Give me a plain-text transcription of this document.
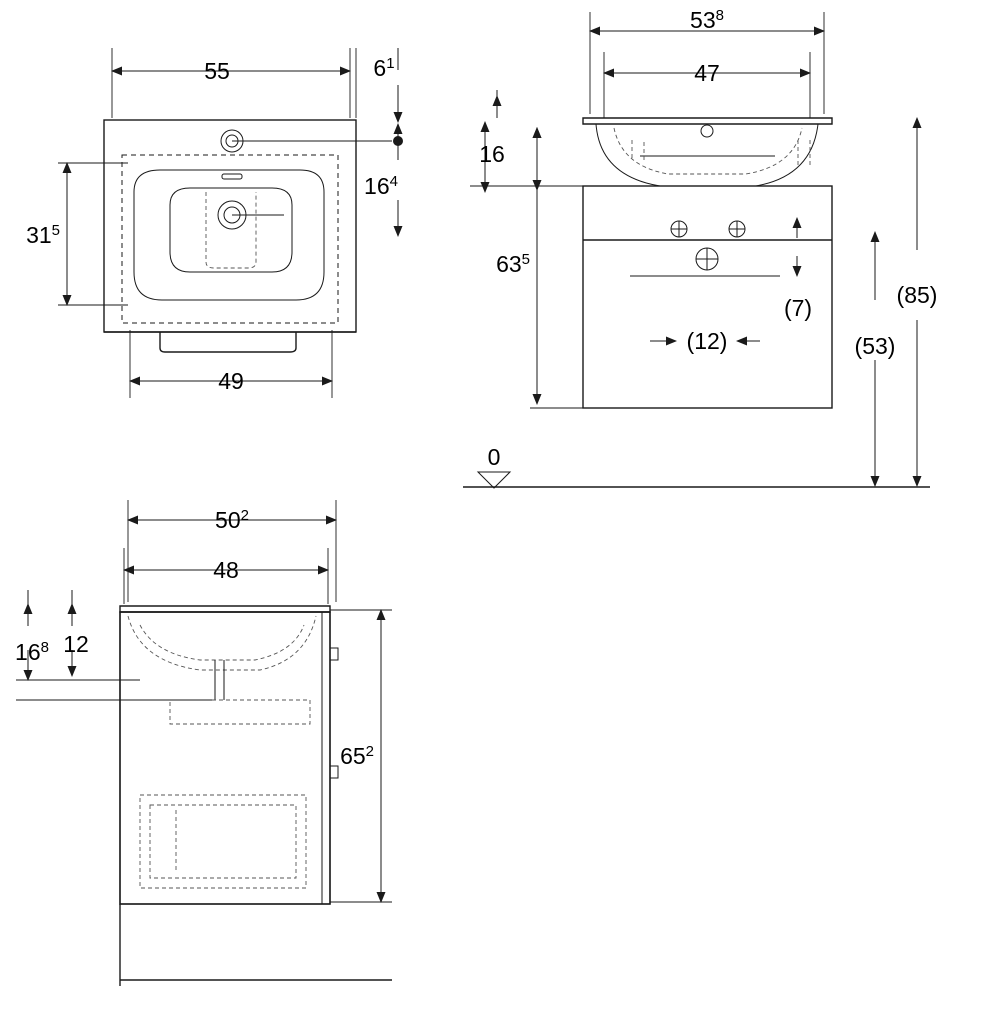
55	$6^1$
$31^5$
$16^4$
49
$53^8$
47
16
$63^5$
(12)
(7)
(53)
(85)
0
$50^2$
48
$16^8$ 12
$65^2$
